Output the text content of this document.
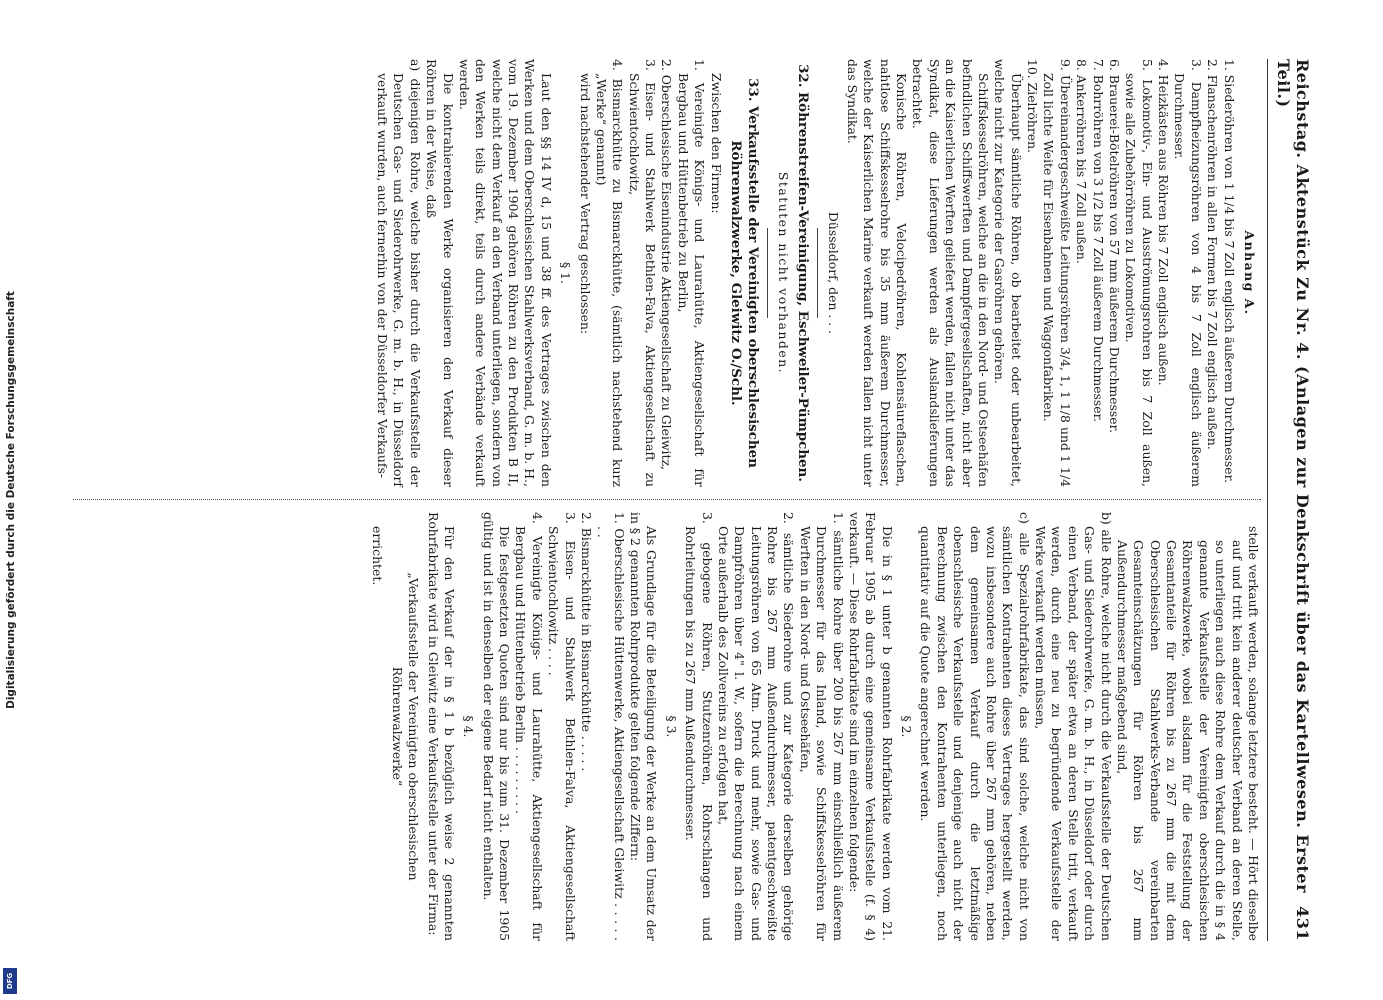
Reichstag. Aktenstück Zu Nr. 4. (Anlagen zur Denkschrift über das Kartellwesen. Erster Teil.)
431
Anhang A.

1. Siederöhren von 1 1/4 bis 7 Zoll englisch äußerem Durchmesser.

2. Flanschenröhren in allen Formen bis 7 Zoll englisch außen.

3. Dampfheizungsröhren von 4 bis 7 Zoll englisch äußerem Durchmesser.

4. Heizkästen aus Röhren bis 7 Zoll englisch außen.

5. Lokomotiv-, Ein- und Ausströmungsrohren bis 7 Zoll außen, sowie alle Zubehörröhren zu Lokomotiven.

6. Brauerei-Bötelröhren von 57 mm äußerem Durchmesser.

7. Bohrröhren von 3 1/2 bis 7 Zoll äußerem Durchmesser.

8. Ankerröhren bis 7 Zoll außen.

9. Übereinandergeschweißte Leitungsröhren 3/4, 1, 1 1/8 und 1 1/4 Zoll lichte Weite für Eisenbahnen und Waggonfabriken.

10. Zielröhren.

Überhaupt sämtliche Röhren, ob bearbeitet oder unbearbeitet, welche nicht zur Kategorie der Gasröhren gehören.

Schiffskesselröhren, welche an die in den Nord- und Ostseehäfen befindlichen Schiffswerften und Dampfergesellschaften, nicht aber an die Kaiserlichen Werften geliefert werden, fallen nicht unter das Syndikat, diese Lieferungen werden als Auslandslieferungen betrachtet.

Konische Röhren, Velocipedröhren, Kohlensäureflaschen, nahtlose Schiffskesselrohre bis 35 mm äußerem Durchmesser, welche der Kaiserlichen Marine verkauft werden fallen nicht unter das Syndikat.

Düsseldorf, den . . .

32. Röhrenstreifen-Vereinigung, Eschweiler-Pümpchen.

Statuten nicht vorhanden.

33. Verkaufsstelle der Vereinigten oberschlesischen Röhrenwalzwerke, Gleiwitz O./Schl.

Zwischen den Firmen:

1. Vereinigte Königs- und Laurahütte, Aktiengesellschaft für Bergbau und Hüttenbetrieb zu Berlin,

2. Oberschlesische Eisenindustrie Aktiengesellschaft zu Gleiwitz,

3. Eisen- und Stahlwerk Bethlen-Falva, Aktiengesellschaft zu Schwientochlowitz,

4. Bismarckhütte zu Bismarckhütte, (sämtlich nachstehend kurz „Werke“ genannt)

wird nachstehender Vertrag geschlossen:

§ 1.

Laut den §§ 14 IV d, 15 und 38 ff. des Vertrages zwischen den Werken und dem Oberschlesischen Stahlwerksverband, G. m. b. H., vom 19. Dezember 1904 gehören Röhren zu den Produkten B II, welche nicht dem Verkauf an den Verband unterliegen, sondern von den Werken teils direkt, teils durch andere Verbände verkauft werden.

Die kontrahierenden Werke organisieren den Verkauf dieser Röhren in der Weise, daß

a) diejenigen Rohre, welche bisher durch die Verkaufsstelle der Deutschen Gas- und Siederohrwerke, G. m. b. H., in Düsseldorf verkauft wurden, auch fernerhin von der Düsseldorfer Verkaufs-

stelle verkauft werden, solange letztere besteht. — Hört dieselbe auf und tritt kein anderer deutscher Verband an deren Stelle, so unterliegen auch diese Rohre dem Verkauf durch die in § 4 genannte Verkaufsstelle der Vereinigten oberschlesischen Röhrenwalzwerke, wobei alsdann für die Feststellung der Gesamtanteile für Röhren bis zu 267 mm die mit dem Oberschlesischen Stahlwerks-Verbande vereinbarten Gesamteinschätzungen für Röhren bis 267 mm Außendurchmesser maßgebend sind,

b) alle Rohre, welche nicht durch die Verkaufsstelle der Deutschen Gas- und Siederohrwerke, G. m. b. H., in Düsseldorf oder durch einen Verband, der später etwa an deren Stelle tritt, verkauft werden, durch eine neu zu begründende Verkaufsstelle der Werke verkauft werden müssen,

c) alle Spezialrohrfabrikate, das sind solche, welche nicht von sämtlichen Kontrahenten dieses Vertrages hergestellt werden, wozu insbesondere auch Rohre über 267 mm gehören, neben dem gemeinsamen Verkauf durch die letztmäßige obenschlesische Verkaufsstelle und denjenige auch nicht der Berechnung zwischen den Kontrahenten unterliegen, noch quantitativ auf die Quote angerechnet werden.

§ 2.

Die in § 1 unter b genannten Rohrfabrikate werden vom 21. Februar 1905 ab durch eine gemeinsame Verkaufsstelle (f. § 4) verkauft. — Diese Rohrfabrikate sind im einzelnen folgende:

1. sämtliche Rohre über 200 bis 267 mm einschließlich äußerem Durchmesser für das Inland, sowie Schiffskesselröhren für Werften in den Nord- und Ostseehäfen,

2. sämtliche Siederohre und zur Kategorie derselben gehörige Rohre bis 267 mm Außendurchmesser, patentgeschweißte Leitungsröhren von 65 Atm. Druck und mehr, sowie Gas- und Dampfröhren über 4" l. W., sofern die Berechnung nach einem Orte außerhalb des Zollvereins zu erfolgen hat,

3. gebogene Röhren, Stutzenröhren, Rohrschlangen und Rohrleitungen bis zu 267 mm Außendurchmesser.

§ 3.

Als Grundlage für die Beteiligung der Werke an dem Umsatz der in § 2 genannten Rohrprodukte gelten folgende Ziffern:

1. Oberschlesische Hüttenwerke, Aktiengesellschaft Gleiwitz . . . . . . .

2. Bismarckhütte in Bismarckhütte . . . . .

3. Eisen- und Stahlwerk Bethlen-Falva, Aktiengesellschaft Schwientochlowitz . . . .

4. Vereinigte Königs- und Laurahütte, Aktiengesellschaft für Bergbau und Hüttenbetrieb Berlin . . . . . . . . .

Die festgesetzten Quoten sind nur bis zum 31. Dezember 1905 gültig und ist in denselben der eigene Bedarf nicht enthalten.

§ 4.

Für den Verkauf der in § 1 b bezüglich weise 2 genannten Rohrfabrikate wird in Gleiwitz eine Verkaufsstelle unter der Firma:

„Verkaufsstelle der Vereinigten oberschlesischen Röhrenwalzwerke“

errichtet.

Digitalisierung gefördert durch die Deutsche Forschungsgemeinschaft
DFG
